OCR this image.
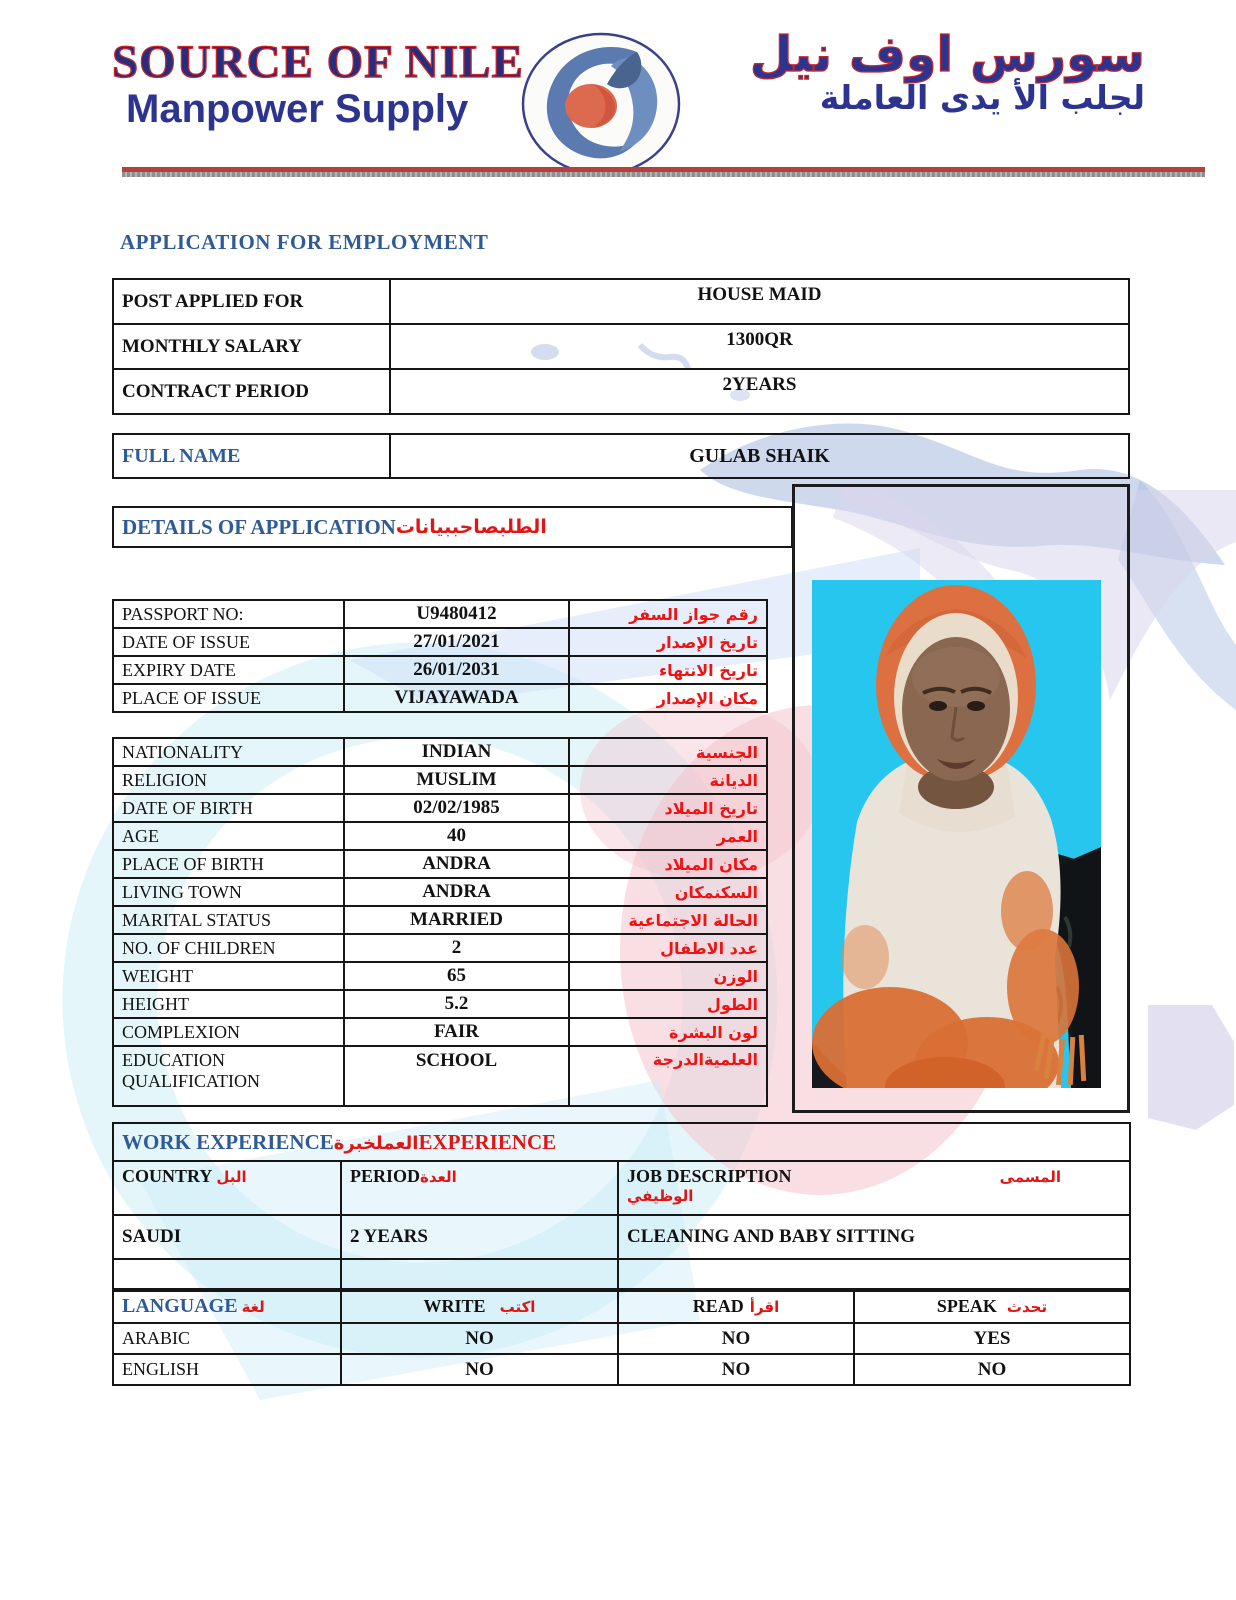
SOURCE OF NILE
Manpower Supply
سورس اوف نيل
لجلب الأ يدى العاملة
APPLICATION FOR EMPLOYMENT
POST APPLIED FOR	HOUSE MAID
MONTHLY SALARY	1300QR
CONTRACT PERIOD	2YEARS
FULL NAME	GULAB SHAIK
DETAILS OF APPLICATION الطلبصاحببيانات
PASSPORT NO:	U9480412	رقم جواز السفر
DATE OF ISSUE	27/01/2021	تاريخ الإصدار
EXPIRY DATE	26/01/2031	تاريخ الانتهاء
PLACE OF ISSUE	VIJAYAWADA	مكان الإصدار
NATIONALITY	INDIAN	الجنسية
RELIGION	MUSLIM	الديانة
DATE OF BIRTH	02/02/1985	تاريخ الميلاد
AGE	40	العمر
PLACE OF BIRTH	ANDRA	مكان الميلاد
LIVING TOWN	ANDRA	السكنمكان
MARITAL STATUS	MARRIED	الحالة الاجتماعية
NO. OF CHILDREN	2	عدد الاطفال
WEIGHT	65	الوزن
HEIGHT	5.2	الطول
COMPLEXION	FAIR	لون البشرة
EDUCATION QUALIFICATION	SCHOOL	العلميةالدرجة
WORK EXPERIENCEالعملخبرةEXPERIENCE		
COUNTRY البل	PERIODالعدة	JOB DESCRIPTION المسمى
الوظيفي

SAUDI	2 YEARS	CLEANING AND BABY SITTING

LANGUAGE لغة	WRITE اكتب	READ اقرأ	SPEAK تحدث

ARABIC	NO	NO	YES
ENGLISH	NO	NO	NO
